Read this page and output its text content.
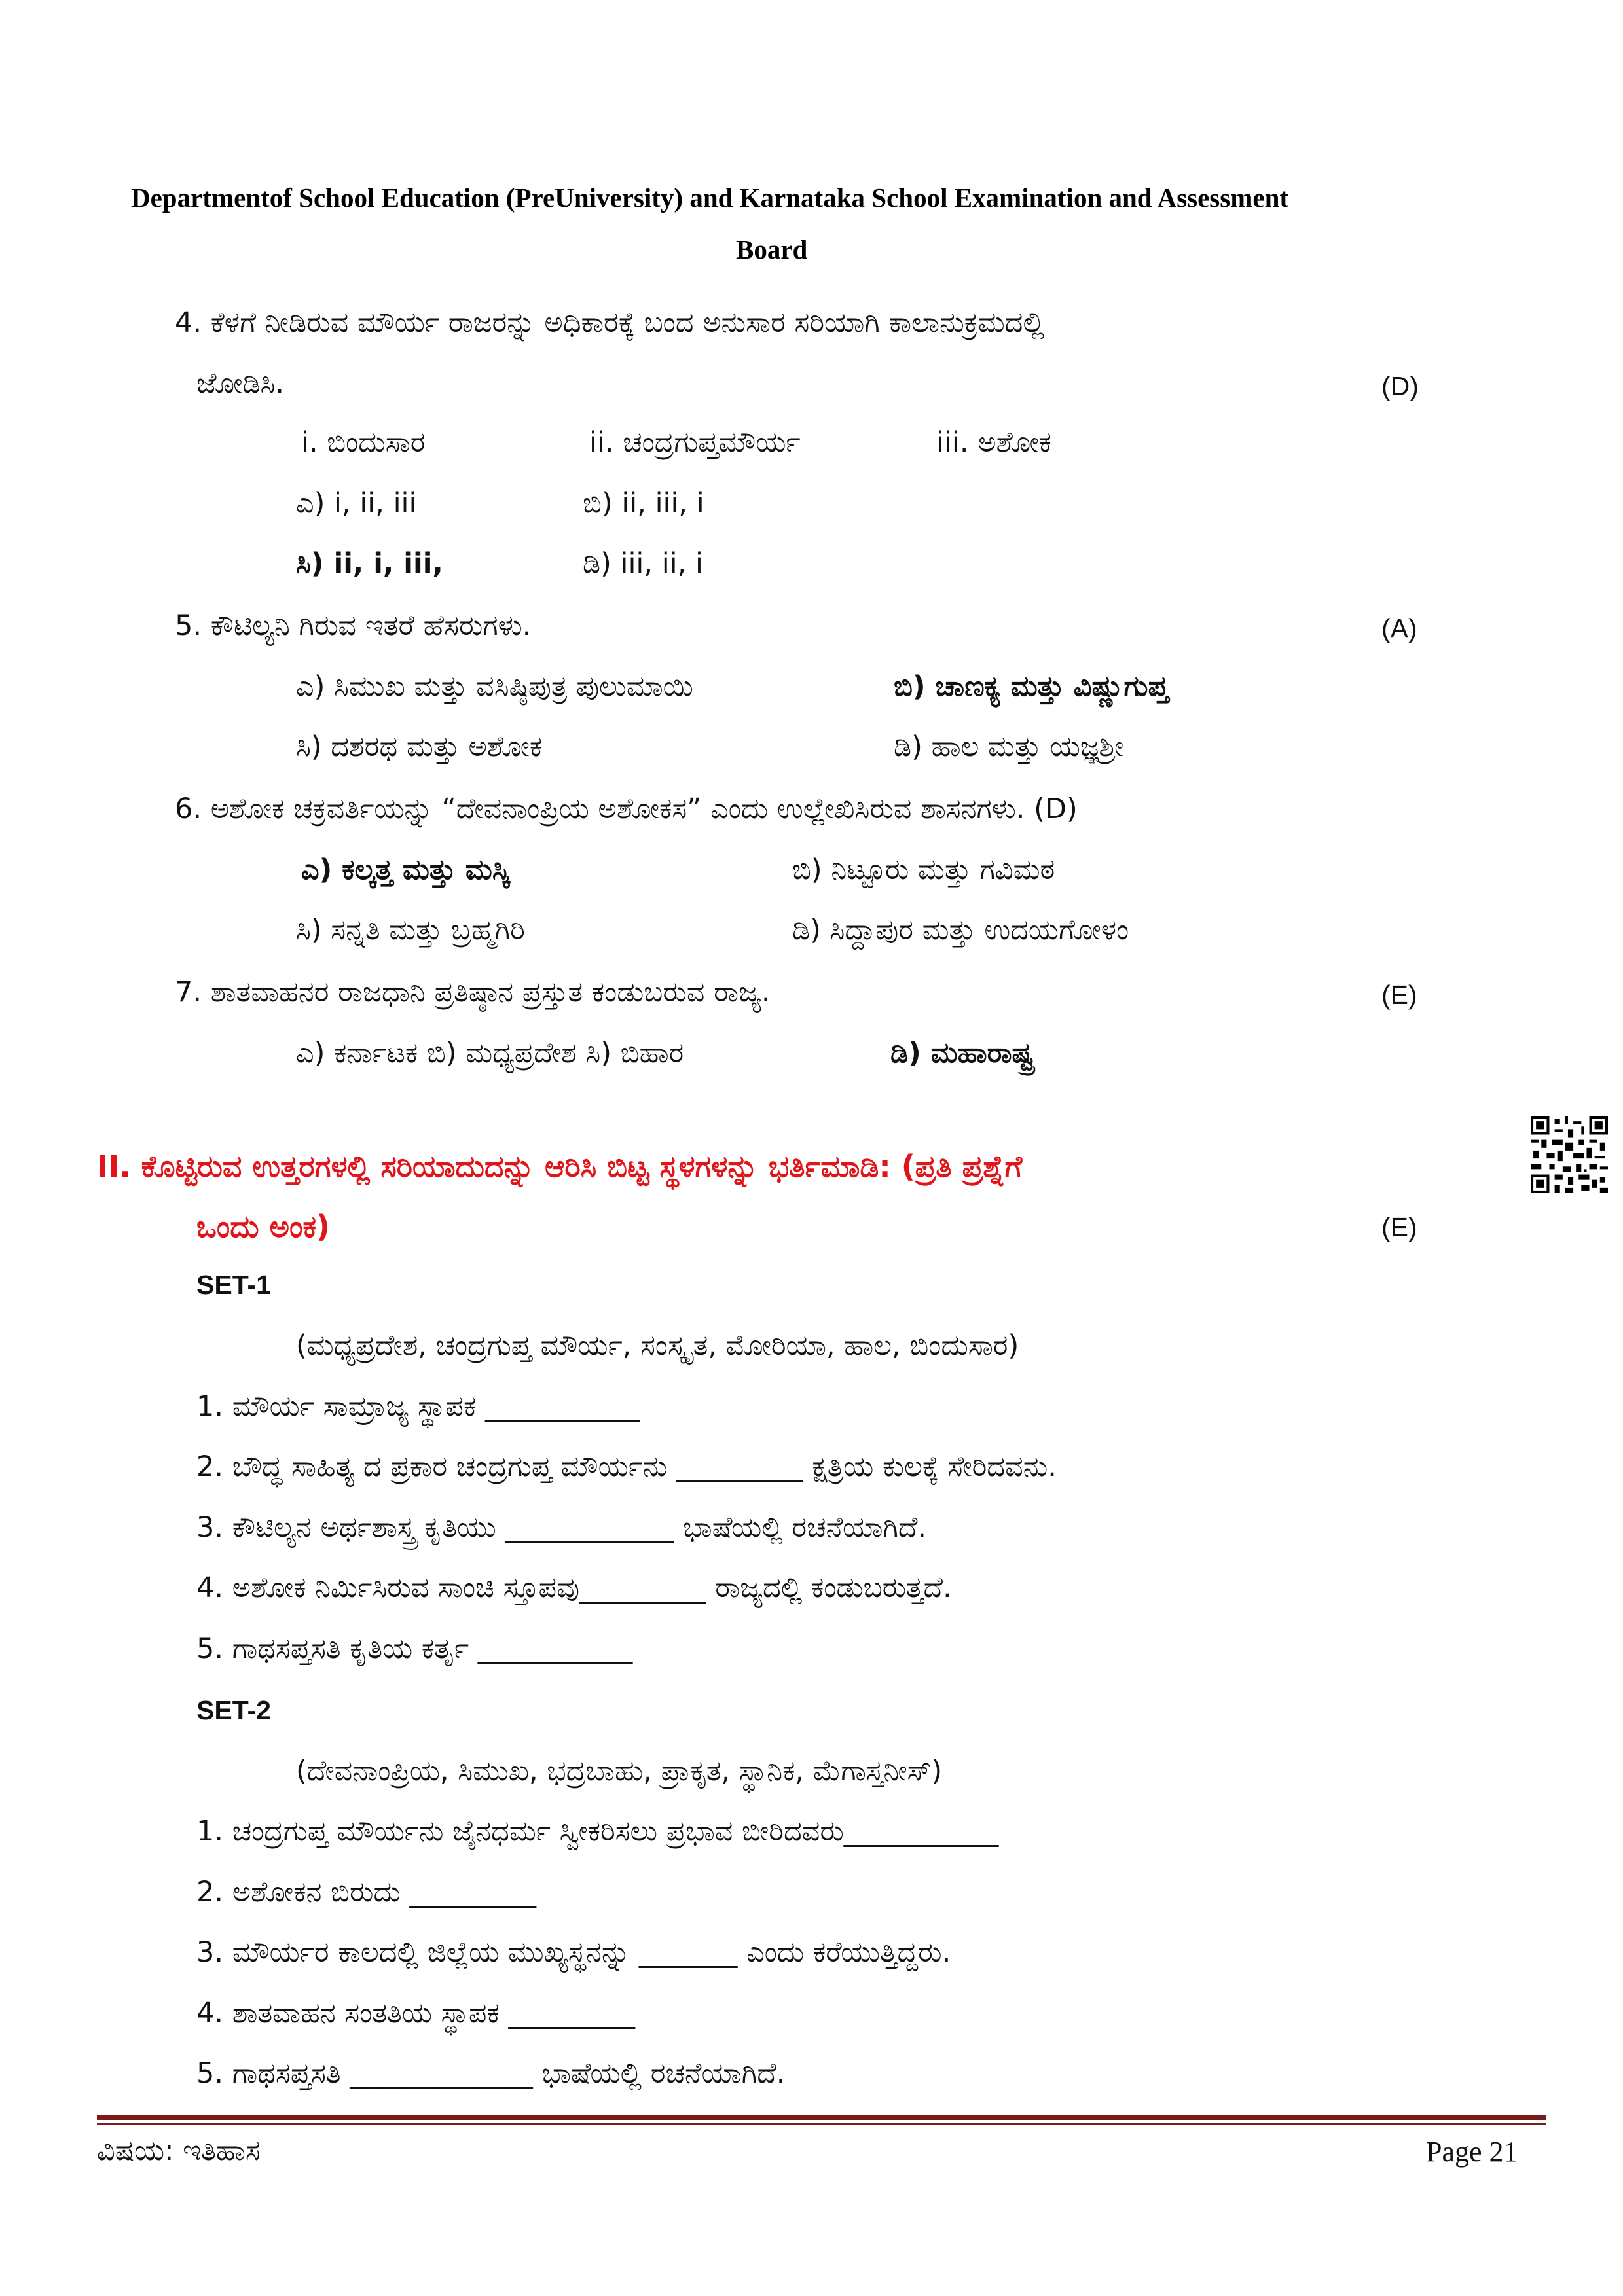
Departmentof School Education (PreUniversity) and Karnataka School Examination and Assessment
Board
4. ಕೆಳಗೆ ನೀಡಿರುವ ಮೌರ್ಯ ರಾಜರನ್ನು ಅಧಿಕಾರಕ್ಕೆ ಬಂದ ಅನುಸಾರ ಸರಿಯಾಗಿ ಕಾಲಾನುಕ್ರಮದಲ್ಲಿ
ಜೋಡಿಸಿ.	(D)
i. ಬಿಂದುಸಾರ	ii. ಚಂದ್ರಗುಪ್ತಮೌರ್ಯ	iii. ಅಶೋಕ
ಎ) i, ii, iii	ಬಿ) ii, iii, i
ಸಿ) ii, i, iii,	ಡಿ) iii, ii, i
5. ಕೌಟಿಲ್ಯನಿ ಗಿರುವ ಇತರೆ ಹೆಸರುಗಳು.	(A)
ಎ) ಸಿಮುಖ ಮತ್ತು ವಸಿಷ್ಠಿಪುತ್ರ ಪುಲುಮಾಯಿ	ಬಿ) ಚಾಣಕ್ಯ ಮತ್ತು ವಿಷ್ಣುಗುಪ್ತ
ಸಿ) ದಶರಥ ಮತ್ತು ಅಶೋಕ	ಡಿ) ಹಾಲ ಮತ್ತು ಯಜ್ಞಶ್ರೀ
6. ಅಶೋಕ ಚಕ್ರವರ್ತಿಯನ್ನು “ದೇವನಾಂಪ್ರಿಯ ಅಶೋಕಸ” ಎಂದು ಉಲ್ಲೇಖಿಸಿರುವ ಶಾಸನಗಳು. (D)
ಎ) ಕಲ್ಕತ್ತ ಮತ್ತು ಮಸ್ಕಿ	ಬಿ) ನಿಟ್ಟೂರು ಮತ್ತು ಗವಿಮಠ
ಸಿ) ಸನ್ನತಿ ಮತ್ತು ಬ್ರಹ್ಮಗಿರಿ	ಡಿ) ಸಿದ್ದಾಪುರ ಮತ್ತು ಉದಯಗೋಳಂ
7. ಶಾತವಾಹನರ ರಾಜಧಾನಿ ಪ್ರತಿಷ್ಠಾನ ಪ್ರಸ್ತುತ ಕಂಡುಬರುವ ರಾಜ್ಯ.	(E)
ಎ) ಕರ್ನಾಟಕ ಬಿ) ಮಧ್ಯಪ್ರದೇಶ ಸಿ) ಬಿಹಾರ	ಡಿ) ಮಹಾರಾಷ್ಟ್ರ
II. ಕೊಟ್ಟಿರುವ ಉತ್ತರಗಳಲ್ಲಿ ಸರಿಯಾದುದನ್ನು ಆರಿಸಿ ಬಿಟ್ಟ ಸ್ಥಳಗಳನ್ನು ಭರ್ತಿಮಾಡಿ: (ಪ್ರತಿ ಪ್ರಶ್ನೆಗೆ
ಒಂದು ಅಂಕ)	(E)
SET-1
(ಮಧ್ಯಪ್ರದೇಶ, ಚಂದ್ರಗುಪ್ತ ಮೌರ್ಯ, ಸಂಸ್ಕೃತ, ಮೋರಿಯಾ, ಹಾಲ, ಬಿಂದುಸಾರ)
1. ಮೌರ್ಯ ಸಾಮ್ರಾಜ್ಯ ಸ್ಥಾಪಕ ___________
2. ಬೌದ್ಧ ಸಾಹಿತ್ಯ ದ ಪ್ರಕಾರ ಚಂದ್ರಗುಪ್ತ ಮೌರ್ಯನು _________ ಕ್ಷತ್ರಿಯ ಕುಲಕ್ಕೆ ಸೇರಿದವನು.
3. ಕೌಟಿಲ್ಯನ ಅರ್ಥಶಾಸ್ತ್ರ ಕೃತಿಯು ____________ ಭಾಷೆಯಲ್ಲಿ ರಚನೆಯಾಗಿದೆ.
4. ಅಶೋಕ ನಿರ್ಮಿಸಿರುವ ಸಾಂಚಿ ಸ್ತೂಪವು_________ ರಾಜ್ಯದಲ್ಲಿ ಕಂಡುಬರುತ್ತದೆ.
5. ಗಾಥಸಪ್ತಸತಿ ಕೃತಿಯ ಕರ್ತೃ ___________
SET-2
(ದೇವನಾಂಪ್ರಿಯ, ಸಿಮುಖ, ಭದ್ರಬಾಹು, ಪ್ರಾಕೃತ, ಸ್ಥಾನಿಕ, ಮೆಗಾಸ್ತನೀಸ್)
1. ಚಂದ್ರಗುಪ್ತ ಮೌರ್ಯನು ಜೈನಧರ್ಮ ಸ್ವೀಕರಿಸಲು ಪ್ರಭಾವ ಬೀರಿದವರು___________
2. ಅಶೋಕನ ಬಿರುದು _________
3. ಮೌರ್ಯರ ಕಾಲದಲ್ಲಿ ಜಿಲ್ಲೆಯ ಮುಖ್ಯಸ್ಥನನ್ನು _______ ಎಂದು ಕರೆಯುತ್ತಿದ್ದರು.
4. ಶಾತವಾಹನ ಸಂತತಿಯ ಸ್ಥಾಪಕ _________
5. ಗಾಥಸಪ್ತಸತಿ _____________ ಭಾಷೆಯಲ್ಲಿ ರಚನೆಯಾಗಿದೆ.
ವಿಷಯ: ಇತಿಹಾಸ	Page 21
